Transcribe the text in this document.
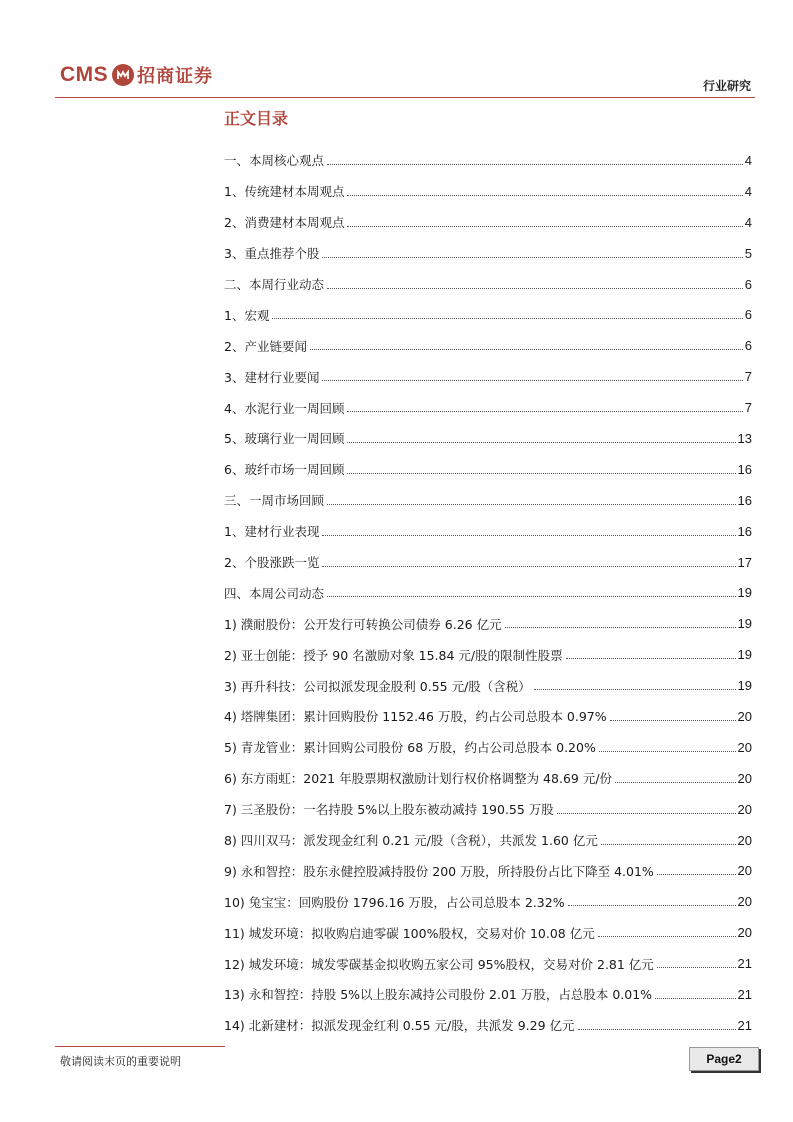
CMS 招商证券	行业研究
正文目录
一、本周核心观点	4
1、传统建材本周观点	4
2、消费建材本周观点	4
3、重点推荐个股	5
二、本周行业动态	6
1、宏观	6
2、产业链要闻	6
3、建材行业要闻	7
4、水泥行业一周回顾	7
5、玻璃行业一周回顾	13
6、玻纤市场一周回顾	16
三、一周市场回顾	16
1、建材行业表现	16
2、个股涨跌一览	17
四、本周公司动态	19
1) 濮耐股份：公开发行可转换公司债券 6.26 亿元	19
2) 亚士创能：授予 90 名激励对象 15.84 元/股的限制性股票	19
3) 再升科技：公司拟派发现金股利 0.55 元/股（含税）	19
4) 塔牌集团：累计回购股份 1152.46 万股，约占公司总股本 0.97%	20
5) 青龙管业：累计回购公司股份 68 万股，约占公司总股本 0.20%	20
6) 东方雨虹：2021 年股票期权激励计划行权价格调整为 48.69 元/份	20
7) 三圣股份：一名持股 5%以上股东被动减持 190.55 万股	20
8) 四川双马：派发现金红利 0.21 元/股（含税），共派发 1.60 亿元	20
9) 永和智控：股东永健控股减持股份 200 万股，所持股份占比下降至 4.01%	20
10) 兔宝宝：回购股份 1796.16 万股，占公司总股本 2.32%	20
11) 城发环境：拟收购启迪零碳 100%股权，交易对价 10.08 亿元	20
12) 城发环境：城发零碳基金拟收购五家公司 95%股权，交易对价 2.81 亿元	21
13) 永和智控：持股 5%以上股东减持公司股份 2.01 万股，占总股本 0.01%	21
14) 北新建材：拟派发现金红利 0.55 元/股，共派发 9.29 亿元	21
敬请阅读末页的重要说明	Page2
